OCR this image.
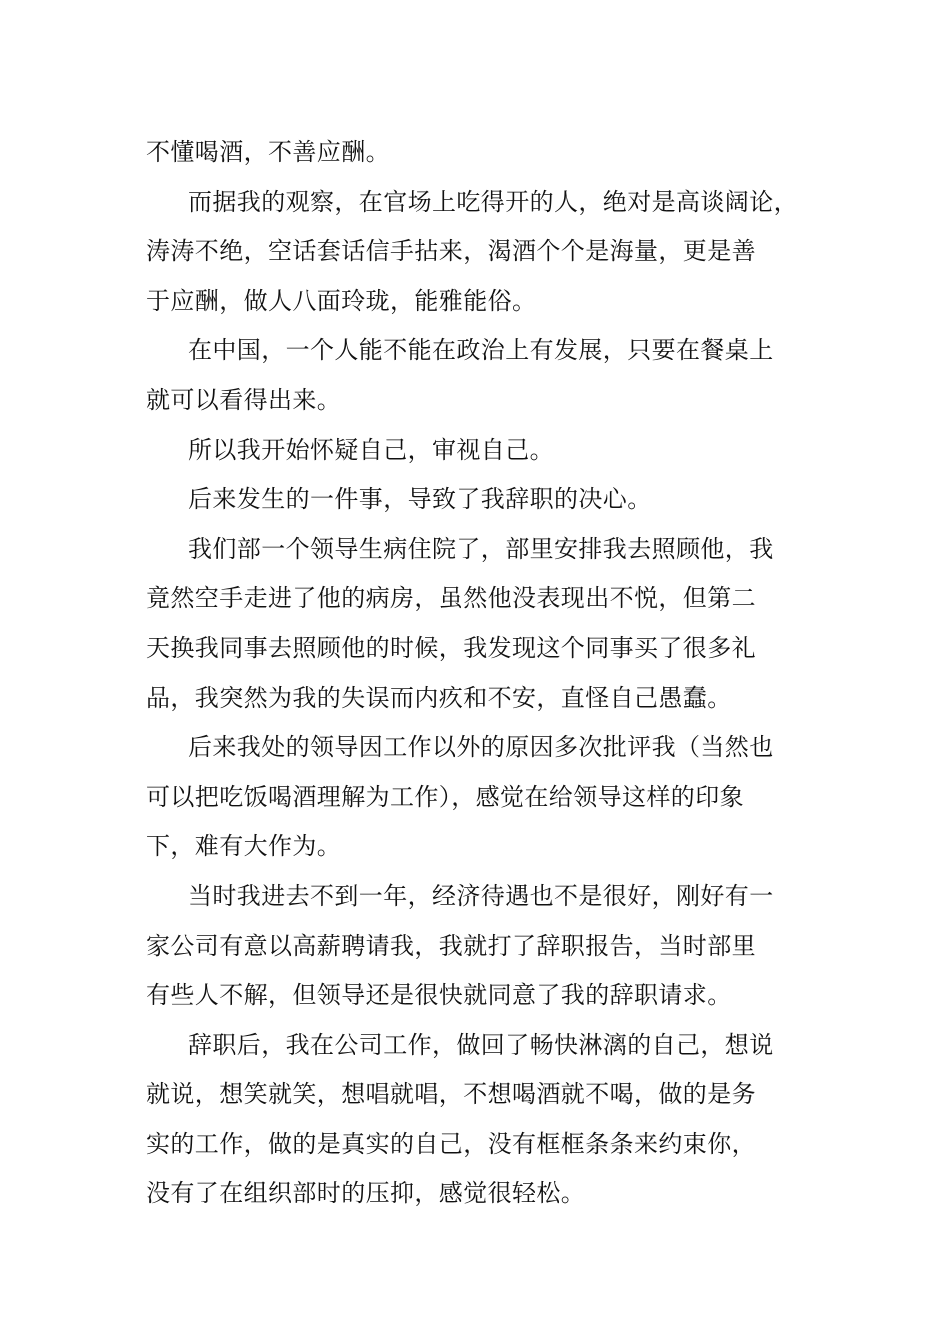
不懂喝酒，不善应酬。

而据我的观察，在官场上吃得开的人，绝对是高谈阔论，
涛涛不绝，空话套话信手拈来，渴酒个个是海量，更是善
于应酬，做人八面玲珑，能雅能俗。

在中国，一个人能不能在政治上有发展，只要在餐桌上
就可以看得出来。

所以我开始怀疑自己，审视自己。

后来发生的一件事，导致了我辞职的决心。

我们部一个领导生病住院了，部里安排我去照顾他，我
竟然空手走进了他的病房，虽然他没表现出不悦，但第二
天换我同事去照顾他的时候，我发现这个同事买了很多礼
品，我突然为我的失误而内疚和不安，直怪自己愚蠢。

后来我处的领导因工作以外的原因多次批评我（当然也
可以把吃饭喝酒理解为工作），感觉在给领导这样的印象
下，难有大作为。

当时我进去不到一年，经济待遇也不是很好，刚好有一
家公司有意以高薪聘请我，我就打了辞职报告，当时部里
有些人不解，但领导还是很快就同意了我的辞职请求。

辞职后，我在公司工作，做回了畅快淋漓的自己，想说
就说，想笑就笑，想唱就唱，不想喝酒就不喝，做的是务
实的工作，做的是真实的自己，没有框框条条来约束你，
没有了在组织部时的压抑，感觉很轻松。
